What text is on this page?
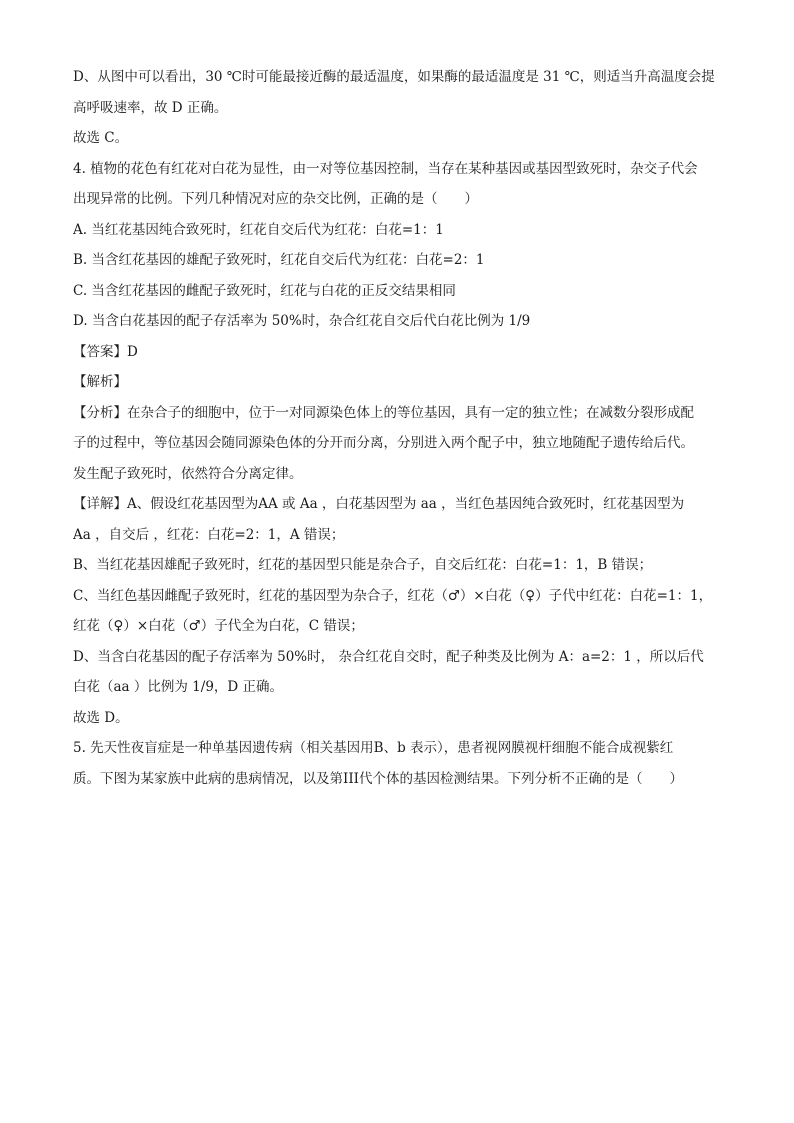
D、从图中可以看出，30 ℃时可能最接近酶的最适温度，如果酶的最适温度是 31 ℃，则适当升高温度会提
高呼吸速率，故 D 正确。
故选 C。
4. 植物的花色有红花对白花为显性，由一对等位基因控制，当存在某种基因或基因型致死时，杂交子代会
出现异常的比例。下列几种情况对应的杂交比例，正确的是（　　）
A. 当红花基因纯合致死时，红花自交后代为红花：白花=1：1
B. 当含红花基因的雄配子致死时，红花自交后代为红花：白花=2：1
C. 当含红花基因的雌配子致死时，红花与白花的正反交结果相同
D. 当含白花基因的配子存活率为 50%时，杂合红花自交后代白花比例为 1/9
【答案】D
【解析】
【分析】在杂合子的细胞中，位于一对同源染色体上的等位基因，具有一定的独立性；在减数分裂形成配
子的过程中，等位基因会随同源染色体的分开而分离，分别进入两个配子中，独立地随配子遗传给后代。
发生配子致死时，依然符合分离定律。
【详解】A、假设红花基因型为AA 或 Aa ，白花基因型为 aa ，当红色基因纯合致死时，红花基因型为
Aa ，自交后 ，红花：白花=2：1，A 错误；
B、当红花基因雄配子致死时，红花的基因型只能是杂合子，自交后红花：白花=1：1，B 错误；
C、当红色基因雌配子致死时，红花的基因型为杂合子，红花（♂）×白花（♀）子代中红花：白花=1：1，
红花（♀）×白花（♂）子代全为白花，C 错误；
D、当含白花基因的配子存活率为 50%时， 杂合红花自交时，配子种类及比例为 A：a=2：1 ，所以后代
白花（aa ）比例为 1/9，D 正确。
故选 D。
5. 先天性夜盲症是一种单基因遗传病（相关基因用B、b 表示），患者视网膜视杆细胞不能合成视紫红
质。下图为某家族中此病的患病情况，以及第III代个体的基因检测结果。下列分析不正确的是（　　）
